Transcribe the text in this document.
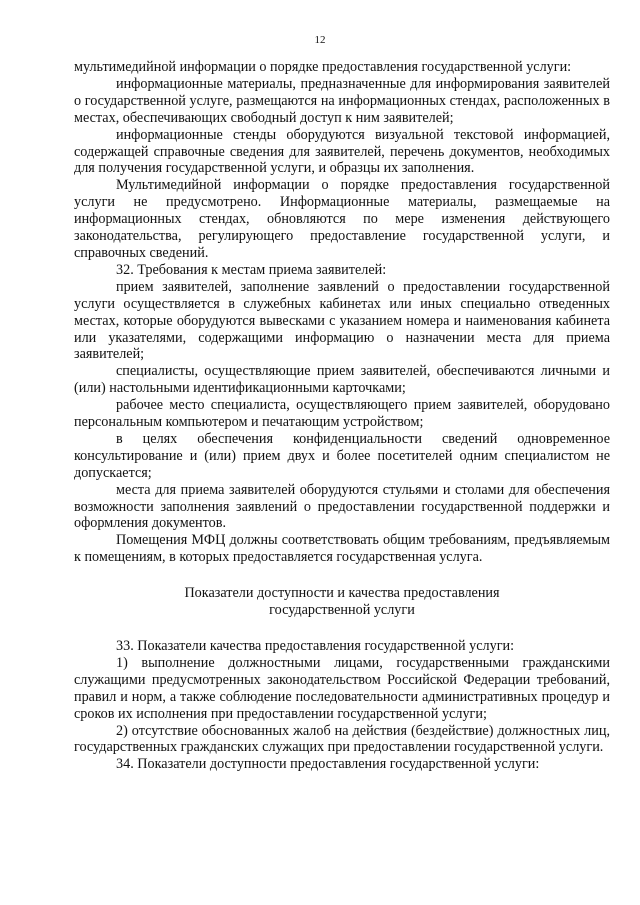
12

мультимедийной информации о порядке предоставления государственной услуги:

информационные материалы, предназначенные для информирования заявителей о государственной услуге, размещаются на информационных стендах, расположенных в местах, обеспечивающих свободный доступ к ним заявителей;

информационные стенды оборудуются визуальной текстовой информацией, содержащей справочные сведения для заявителей, перечень документов, необходимых для получения государственной услуги, и образцы их заполнения.

Мультимедийной информации о порядке предоставления государственной услуги не предусмотрено. Информационные материалы, размещаемые на информационных стендах, обновляются по мере изменения действующего законодательства, регулирующего предоставление государственной услуги, и справочных сведений.

32. Требования к местам приема заявителей:

прием заявителей, заполнение заявлений о предоставлении государственной услуги осуществляется в служебных кабинетах или иных специально отведенных местах, которые оборудуются вывесками с указанием номера и наименования кабинета или указателями, содержащими информацию о назначении места для приема заявителей;

специалисты, осуществляющие прием заявителей, обеспечиваются личными и (или) настольными идентификационными карточками;

рабочее место специалиста, осуществляющего прием заявителей, оборудовано персональным компьютером и печатающим устройством;

в целях обеспечения конфиденциальности сведений одновременное консультирование и (или) прием двух и более посетителей одним специалистом не допускается;

места для приема заявителей оборудуются стульями и столами для обеспечения возможности заполнения заявлений о предоставлении государственной поддержки и оформления документов.

Помещения МФЦ должны соответствовать общим требованиям, предъявляемым к помещениям, в которых предоставляется государственная услуга.

Показатели доступности и качества предоставления

государственной услуги

33. Показатели качества предоставления государственной услуги:

1) выполнение должностными лицами, государственными гражданскими служащими предусмотренных законодательством Российской Федерации требований, правил и норм, а также соблюдение последовательности административных процедур и сроков их исполнения при предоставлении государственной услуги;

2) отсутствие обоснованных жалоб на действия (бездействие) должностных лиц, государственных гражданских служащих при предоставлении государственной услуги.

34. Показатели доступности предоставления государственной услуги:
